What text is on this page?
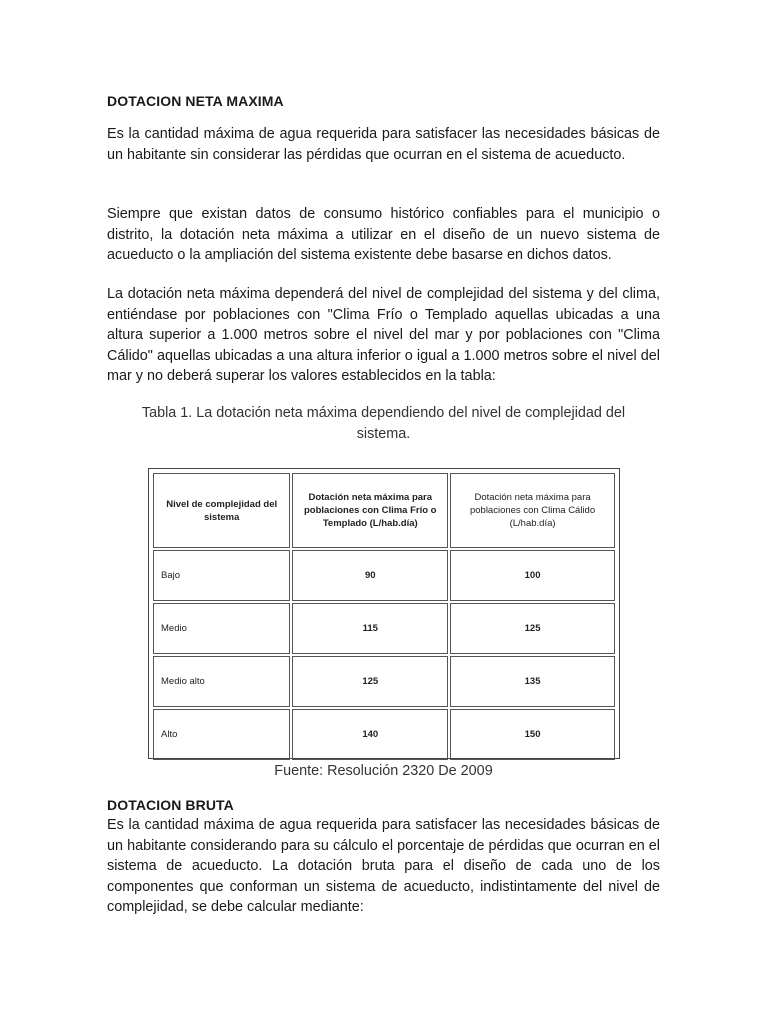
DOTACION NETA MAXIMA
Es la cantidad máxima de agua requerida para satisfacer las necesidades básicas de un habitante sin considerar las pérdidas que ocurran en el sistema de acueducto.
Siempre que existan datos de consumo histórico confiables para el municipio o distrito, la dotación neta máxima a utilizar en el diseño de un nuevo sistema de acueducto o la ampliación del sistema existente debe basarse en dichos datos.
La dotación neta máxima dependerá del nivel de complejidad del sistema y del clima, entiéndase por poblaciones con "Clima Frío o Templado aquellas ubicadas a una altura superior a 1.000 metros sobre el nivel del mar y por poblaciones con "Clima Cálido" aquellas ubicadas a una altura inferior o igual a 1.000 metros sobre el nivel del mar y no deberá superar los valores establecidos en la tabla:
Tabla 1. La dotación neta máxima dependiendo del nivel de complejidad del sistema.
Nivel de complejidad del sistema	Dotación neta máxima para poblaciones con Clima Frío o Templado (L/hab.día)	Dotación neta máxima para poblaciones con Clima Cálido (L/hab.día)
Bajo	90	100
Medio	115	125
Medio alto	125	135
Alto	140	150
Fuente: Resolución 2320 De 2009
DOTACION BRUTA
Es la cantidad máxima de agua requerida para satisfacer las necesidades básicas de un habitante considerando para su cálculo el porcentaje de pérdidas que ocurran en el sistema de acueducto. La dotación bruta para el diseño de cada uno de los componentes que conforman un sistema de acueducto, indistintamente del nivel de complejidad, se debe calcular mediante:
